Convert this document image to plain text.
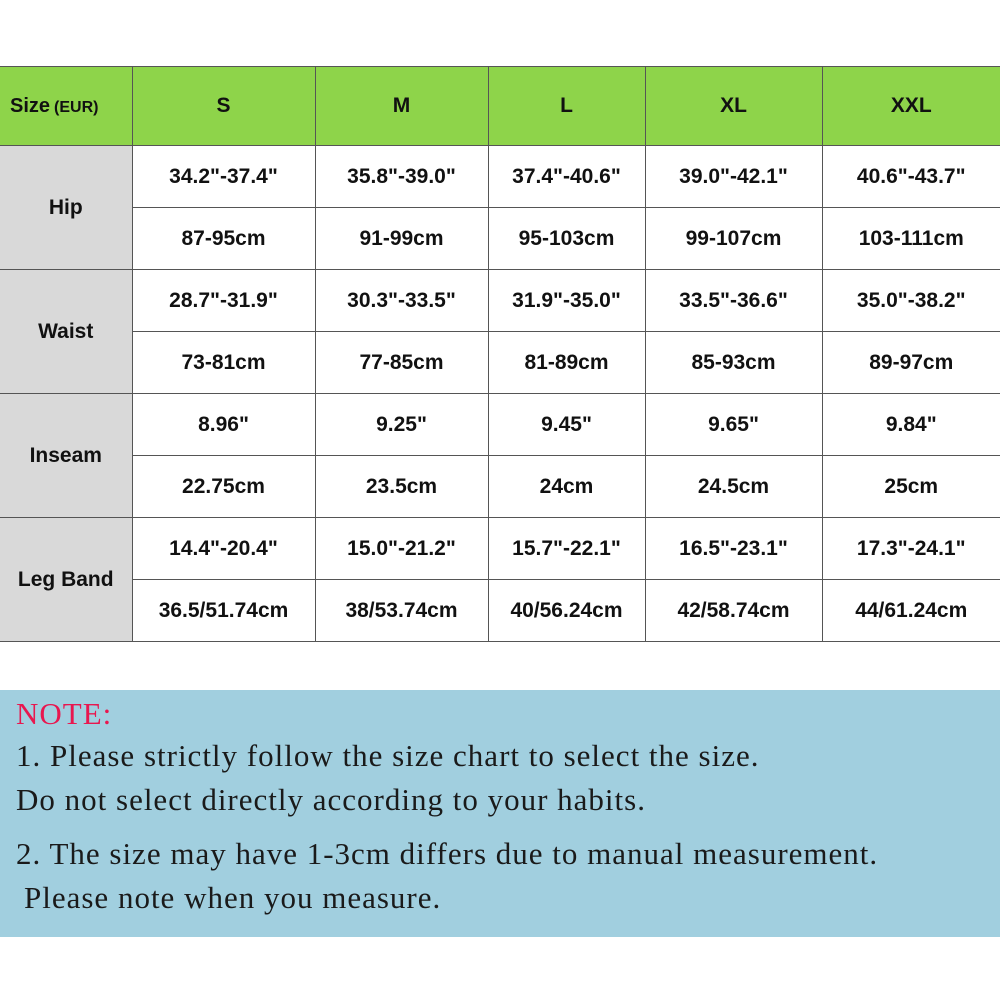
Size (EUR)	S	M	L	XL	XXL
Hip	34.2"-37.4"	35.8"-39.0"	37.4"-40.6"	39.0"-42.1"	40.6"-43.7"
	87-95cm	91-99cm	95-103cm	99-107cm	103-111cm
Waist	28.7"-31.9"	30.3"-33.5"	31.9"-35.0"	33.5"-36.6"	35.0"-38.2"
	73-81cm	77-85cm	81-89cm	85-93cm	89-97cm
Inseam	8.96"	9.25"	9.45"	9.65"	9.84"
	22.75cm	23.5cm	24cm	24.5cm	25cm
Leg Band	14.4"-20.4"	15.0"-21.2"	15.7"-22.1"	16.5"-23.1"	17.3"-24.1"
	36.5/51.74cm	38/53.74cm	40/56.24cm	42/58.74cm	44/61.24cm
NOTE:
1. Please strictly follow the size chart to select the size.
Do not select directly according to your habits.
2. The size may have 1-3cm differs due to manual measurement.
Please note when you measure.
